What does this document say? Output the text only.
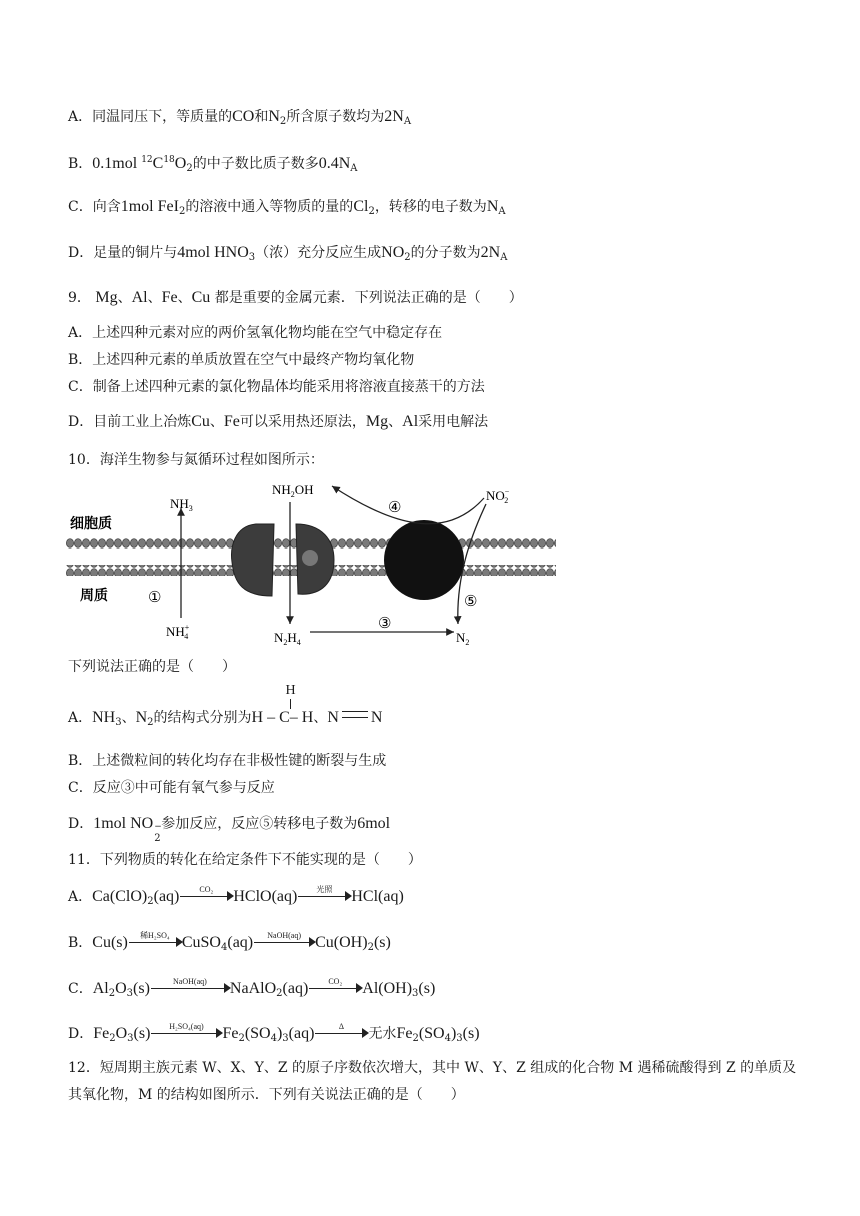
A．同温同压下，等质量的CO和$N_2$所含原子数均为$2N_A$
B．0.1mol $^{12}C^{18}O_2$的中子数比质子数多$0.4N_A$
C．向含1mol FeI$_2$的溶液中通入等物质的量的$Cl_2$，转移的电子数为$N_A$
D．足量的铜片与4mol $HNO_3$（浓）充分反应生成$NO_2$的分子数为$2N_A$
9． Mg、Al、Fe、Cu 都是重要的金属元素．下列说法正确的是（　　）
A．上述四种元素对应的两价氢氧化物均能在空气中稳定存在
B．上述四种元素的单质放置在空气中最终产物均氧化物
C．制备上述四种元素的氯化物晶体均能采用将溶液直接蒸干的方法
D．目前工业上冶炼Cu、Fe可以采用热还原法，Mg、Al采用电解法
10．海洋生物参与氮循环过程如图所示：
细胞质
周质
$NH_3$
$NH_2OH$	NO− 2
NH+ 4	$N_2H_4$	$N_2$
①
③
④
⑤
下列说法正确的是（　　）
A．$NH_3$、$N_2$的结构式分别为
H
H – C– H、N N
B．上述微粒间的转化均存在非极性键的断裂与生成
C．反应③中可能有氧气参与反应
D．1mol NO −
2
参加反应，反应⑤转移电子数为6mol
11．下列物质的转化在给定条件下不能实现的是（　　）
A．$Ca(ClO)_2(aq)$	CO₂	HClO(aq)	光照	HCl(aq)
B．Cu(s)	稀H₂SO₄ CuSO$_4$(aq)	NaOH(aq) $Cu(OH)_2(s)$
C．$Al_2O_3(s)$	NaOH(aq)	NaAlO$_2$(aq)	CO₂	$Al(OH)_3(s)$
D．$Fe_2O_3(s)$	H₂SO₄(aq)	$Fe_2(SO_4)_3(aq)$	Δ	无水$Fe_2(SO_4)_3(s)$
12．短周期主族元素 W、X、Y、Z 的原子序数依次增大，其中 W、Y、Z 组成的化合物 M 遇稀硫酸得到 Z 的单质及其氧化物，M 的结构如图所示．下列有关说法正确的是（　　）
